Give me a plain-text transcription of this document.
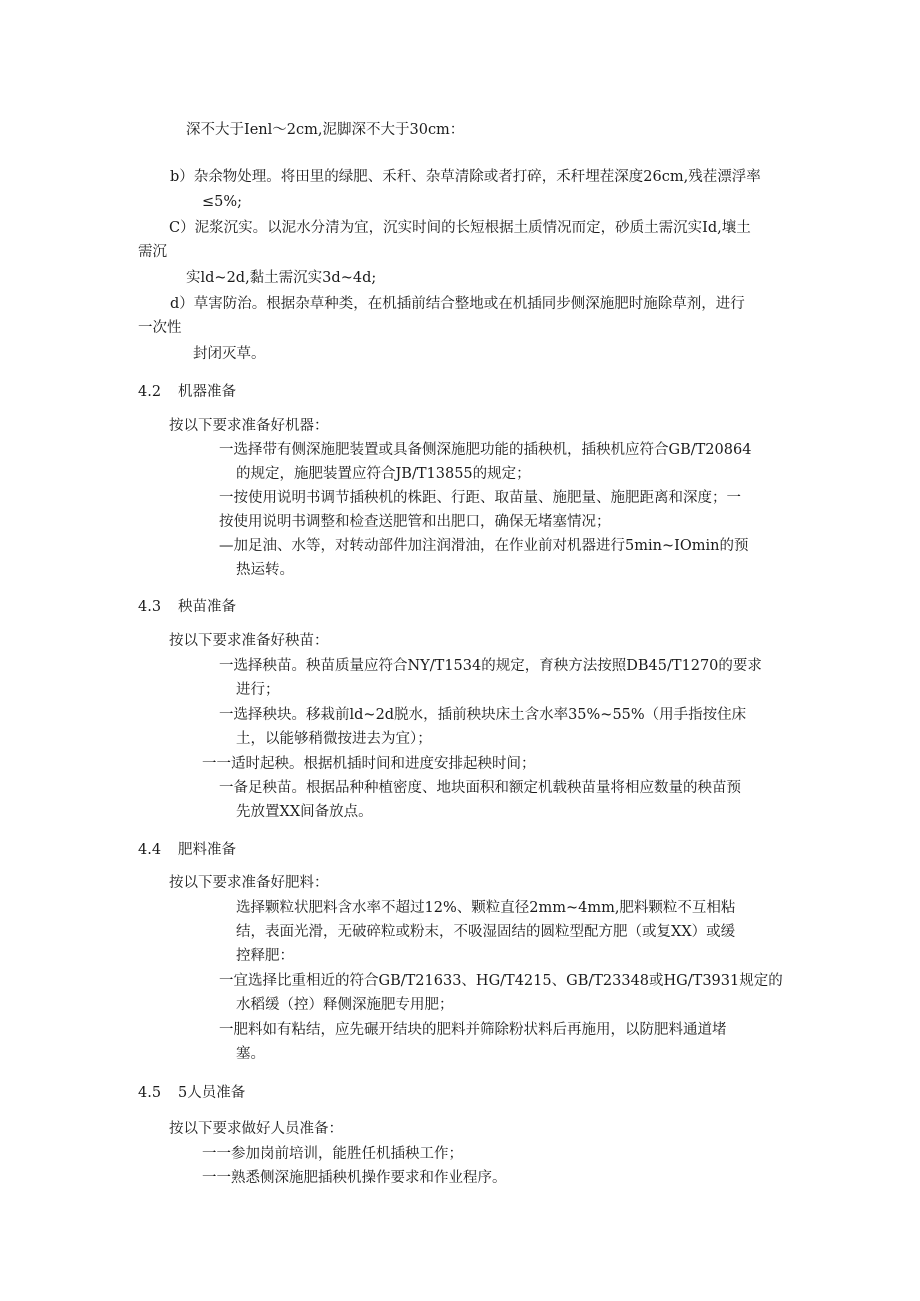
深不大于Ienl～2cm,泥脚深不大于30cm：
b）杂余物处理。将田里的绿肥、禾秆、杂草清除或者打碎，禾秆埋茬深度26cm,残茬漂浮率
≤5%;
C）泥浆沉实。以泥水分清为宜，沉实时间的长短根据土质情况而定，砂质土需沉实Id,壤土
需沉
实ld~2d,黏土需沉实3d~4d;
d）草害防治。根据杂草种类，在机插前结合整地或在机插同步侧深施肥时施除草剂，进行
一次性
封闭灭草。
4.2 机器准备
按以下要求准备好机器：
一选择带有侧深施肥装置或具备侧深施肥功能的插秧机，插秧机应符合GB/T20864
的规定，施肥装置应符合JB/T13855的规定；
一按使用说明书调节插秧机的株距、行距、取苗量、施肥量、施肥距离和深度；一
按使用说明书调整和检查送肥管和出肥口，确保无堵塞情况；
—加足油、水等，对转动部件加注润滑油，在作业前对机器进行5min~IOmin的预
热运转。
4.3 秧苗准备
按以下要求准备好秧苗：
一选择秧苗。秧苗质量应符合NY/T1534的规定，育秧方法按照DB45/T1270的要求
进行；
一选择秧块。移栽前ld~2d脱水，插前秧块床土含水率35%~55%（用手指按住床
土，以能够稍微按进去为宜）；
一一适时起秧。根据机插时间和进度安排起秧时间；
一备足秧苗。根据品种种植密度、地块面积和额定机载秧苗量将相应数量的秧苗预
先放置XX间备放点。
4.4 肥料准备
按以下要求准备好肥料：
选择颗粒状肥料含水率不超过12%、颗粒直径2mm~4mm,肥料颗粒不互相粘
结，表面光滑，无破碎粒或粉末，不吸湿固结的圆粒型配方肥（或复XX）或缓
控释肥：
一宜选择比重相近的符合GB/T21633、HG/T4215、GB/T23348或HG/T3931规定的
水稻缓（控）释侧深施肥专用肥；
一肥料如有粘结，应先碾开结块的肥料并筛除粉状料后再施用，以防肥料通道堵
塞。
4.5 5人员准备
按以下要求做好人员准备：
一一参加岗前培训，能胜任机插秧工作；
一一熟悉侧深施肥插秧机操作要求和作业程序。
